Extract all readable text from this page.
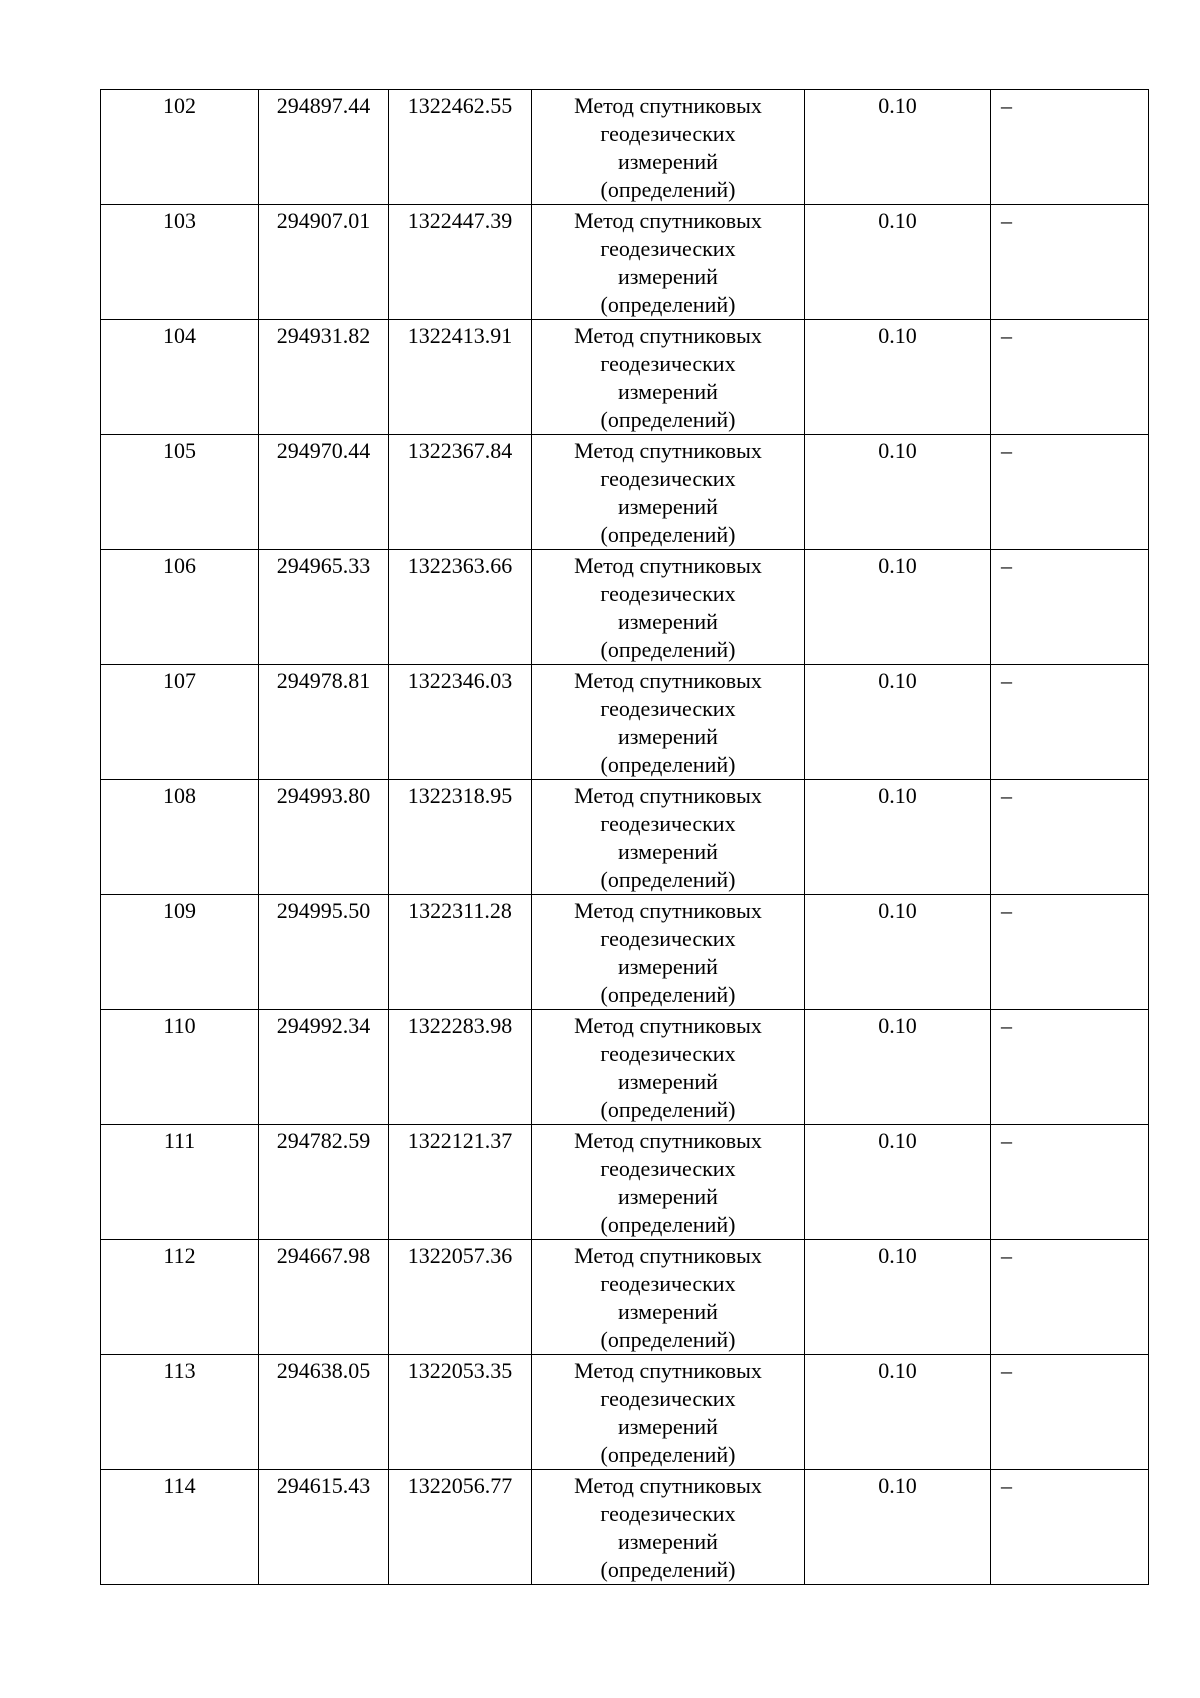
102	294897.44	1322462.55	Метод спутниковых
геодезических
измерений
(определений)	0.10	–
103	294907.01	1322447.39	Метод спутниковых
геодезических
измерений
(определений)	0.10	–
104	294931.82	1322413.91	Метод спутниковых
геодезических
измерений
(определений)	0.10	–
105	294970.44	1322367.84	Метод спутниковых
геодезических
измерений
(определений)	0.10	–
106	294965.33	1322363.66	Метод спутниковых
геодезических
измерений
(определений)	0.10	–
107	294978.81	1322346.03	Метод спутниковых
геодезических
измерений
(определений)	0.10	–
108	294993.80	1322318.95	Метод спутниковых
геодезических
измерений
(определений)	0.10	–
109	294995.50	1322311.28	Метод спутниковых
геодезических
измерений
(определений)	0.10	–
110	294992.34	1322283.98	Метод спутниковых
геодезических
измерений
(определений)	0.10	–
111	294782.59	1322121.37	Метод спутниковых
геодезических
измерений
(определений)	0.10	–
112	294667.98	1322057.36	Метод спутниковых
геодезических
измерений
(определений)	0.10	–
113	294638.05	1322053.35	Метод спутниковых
геодезических
измерений
(определений)	0.10	–
114	294615.43	1322056.77	Метод спутниковых
геодезических
измерений
(определений)	0.10	–
